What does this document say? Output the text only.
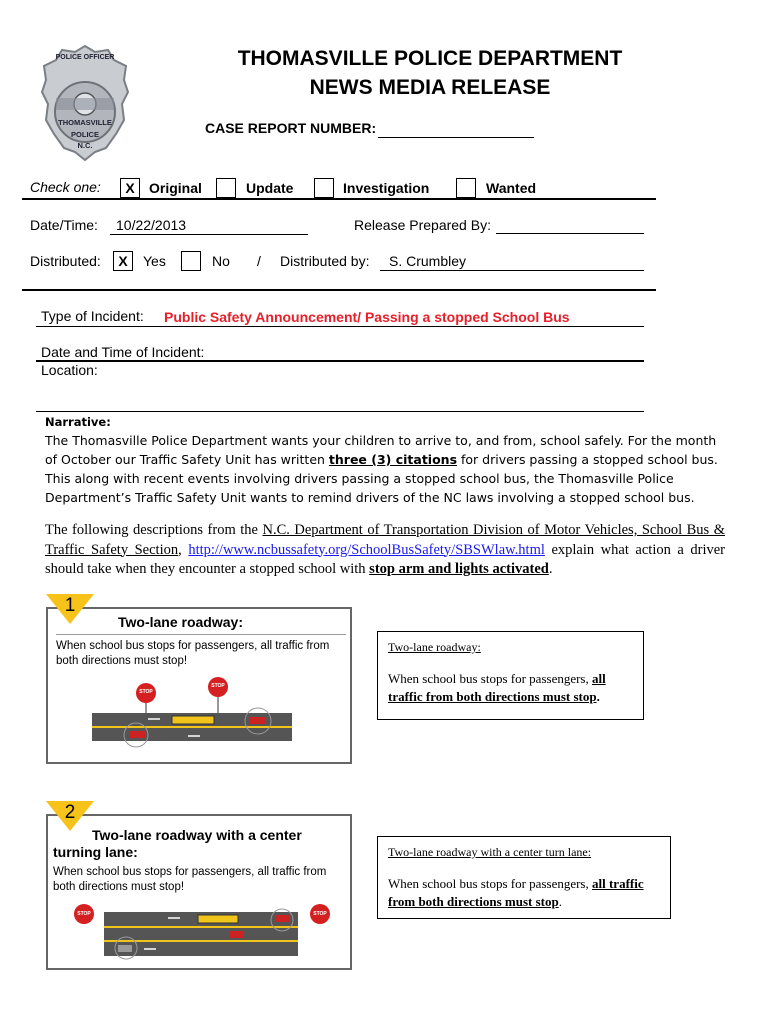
POLICE OFFICER
THOMASVILLE
POLICE
N.C.
THOMASVILLE POLICE DEPARTMENT
NEWS MEDIA RELEASE
CASE REPORT NUMBER:
Check one:	X	Original	Update	Investigation	Wanted
Date/Time: 10/22/2013	Release Prepared By:
Distributed:	X	Yes	No / Distributed by: S. Crumbley
Type of Incident: Public Safety Announcement/ Passing a stopped School Bus
Date and Time of Incident:
Location:
Narrative:
The Thomasville Police Department wants your children to arrive to, and from, school safely. For the month of October our Traffic Safety Unit has written three (3) citations for drivers passing a stopped school bus. This along with recent events involving drivers passing a stopped school bus, the Thomasville Police Department’s Traffic Safety Unit wants to remind drivers of the NC laws involving a stopped school bus.
The following descriptions from the N.C. Department of Transportation Division of Motor Vehicles, School Bus & Traffic Safety Section, http://www.ncbussafety.org/SchoolBusSafety/SBSWlaw.html explain what action a driver should take when they encounter a stopped school with stop arm and lights activated.
Two-lane roadway:
When school bus stops for passengers, all traffic from both directions must stop!
STOP
STOP
1
Two-lane roadway:
When school bus stops for passengers, all traffic from both directions must stop.
Two-lane roadway with a center
turning lane:
When school bus stops for passengers, all traffic from both directions must stop!
STOP	STOP
2
Two-lane roadway with a center turn lane:
When school bus stops for passengers, all traffic from both directions must stop.
